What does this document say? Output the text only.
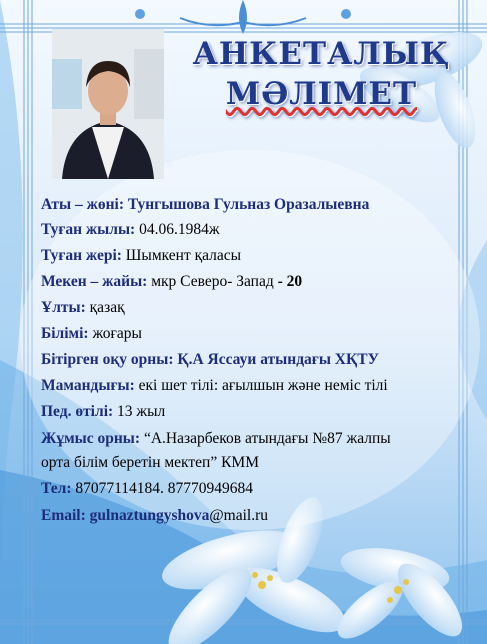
АНКЕТАЛЫҚ
МӘЛІМЕТ
Аты – жөні: Тунгышова Гульназ Оразалыевна
Туған жылы: 04.06.1984ж
Туған жері: Шымкент қаласы
Мекен – жайы: мкр Северо- Запад - 20
Ұлты: қазақ
Білімі: жоғары
Бітірген оқу орны: Қ.А Яссауи атындағы ХҚТУ
Мамандығы: екі шет тілі: ағылшын және неміс тілі
Пед. өтілі: 13 жыл
Жұмыс орны: “А.Назарбеков атындағы №87 жалпы
орта білім беретін мектеп” КММ
Тел: 87077114184. 87770949684
Email: gulnaztungyshova@mail.ru
